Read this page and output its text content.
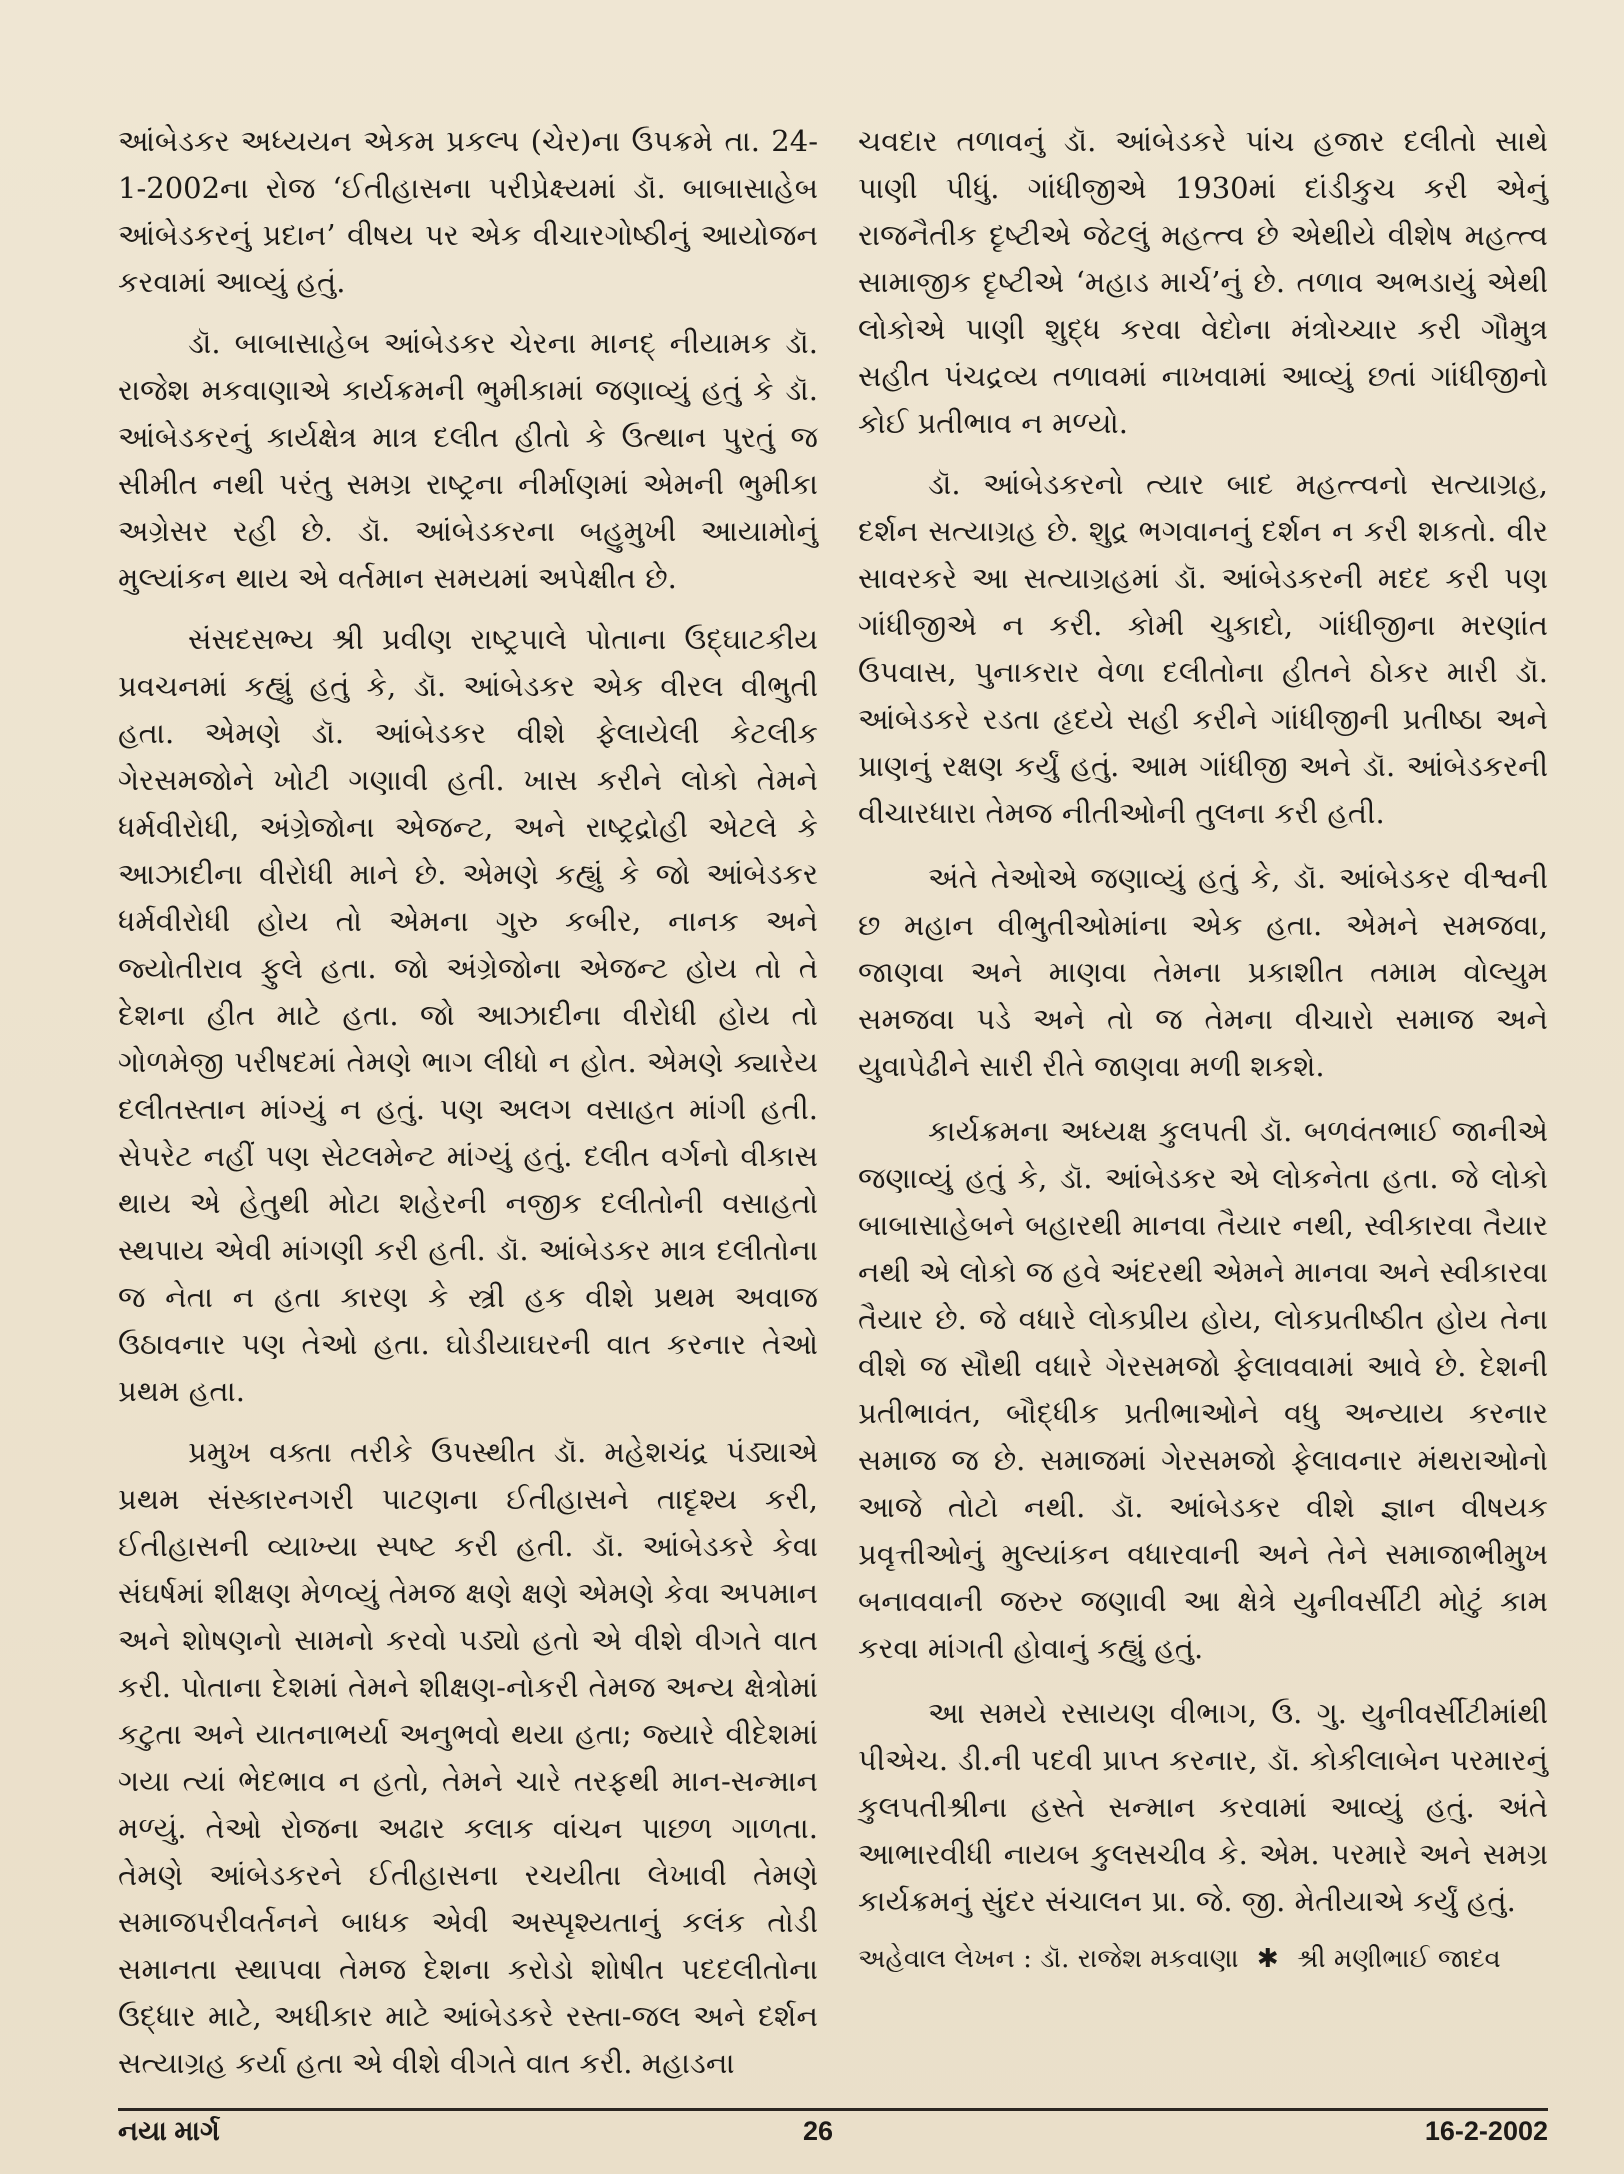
આંબેડકર અધ્યયન એકમ પ્રકલ્પ (ચેર)ના ઉપક્રમે તા. 24-1-2002ના રોજ ‘ઈતીહાસના પરીપ્રેક્ષ્યમાં ડૉ. બાબાસાહેબ આંબેડકરનું પ્રદાન’ વીષય પર એક વીચારગોષ્ઠીનું આયોજન કરવામાં આવ્યું હતું.

ડૉ. બાબાસાહેબ આંબેડકર ચેરના માનદ્ નીયામક ડૉ. રાજેશ મકવાણાએ કાર્યક્રમની ભુમીકામાં જણાવ્યું હતું કે ડૉ. આંબેડકરનું કાર્યક્ષેત્ર માત્ર દલીત હીતો કે ઉત્થાન પુરતું જ સીમીત નથી પરંતુ સમગ્ર રાષ્ટ્રના નીર્માણમાં એમની ભુમીકા અગ્રેસર રહી છે. ડૉ. આંબેડકરના બહુમુખી આયામોનું મુલ્યાંકન થાય એ વર્તમાન સમયમાં અપેક્ષીત છે.

સંસદસભ્ય શ્રી પ્રવીણ રાષ્ટ્રપાલે પોતાના ઉદ્ઘાટકીય પ્રવચનમાં કહ્યું હતું કે, ડૉ. આંબેડકર એક વીરલ વીભુતી હતા. એમણે ડૉ. આંબેડકર વીશે ફેલાયેલી કેટલીક ગેરસમજોને ખોટી ગણાવી હતી. ખાસ કરીને લોકો તેમને ધર્મવીરોધી, અંગ્રેજોના એજન્ટ, અને રાષ્ટ્રદ્રોહી એટલે કે આઝાદીના વીરોધી માને છે. એમણે કહ્યું કે જો આંબેડકર ધર્મવીરોધી હોય તો એમના ગુરુ કબીર, નાનક અને જ્યોતીરાવ ફુલે હતા. જો અંગ્રેજોના એજન્ટ હોય તો તે દેશના હીત માટે હતા. જો આઝાદીના વીરોધી હોય તો ગોળમેજી પરીષદમાં તેમણે ભાગ લીધો ન હોત. એમણે ક્યારેય દલીતસ્તાન માંગ્યું ન હતું. પણ અલગ વસાહત માંગી હતી. સેપરેટ નહીં પણ સેટલમેન્ટ માંગ્યું હતું. દલીત વર્ગનો વીકાસ થાય એ હેતુથી મોટા શહેરની નજીક દલીતોની વસાહતો સ્થપાય એવી માંગણી કરી હતી. ડૉ. આંબેડકર માત્ર દલીતોના જ નેતા ન હતા કારણ કે સ્ત્રી હક વીશે પ્રથમ અવાજ ઉઠાવનાર પણ તેઓ હતા. ઘોડીયાઘરની વાત કરનાર તેઓ પ્રથમ હતા.

પ્રમુખ વક્તા તરીકે ઉપસ્થીત ડૉ. મહેશચંદ્ર પંડ્યાએ પ્રથમ સંસ્કારનગરી પાટણના ઈતીહાસને તાદૃશ્ય કરી, ઈતીહાસની વ્યાખ્યા સ્પષ્ટ કરી હતી. ડૉ. આંબેડકરે કેવા સંઘર્ષમાં શીક્ષણ મેળવ્યું તેમજ ક્ષણે ક્ષણે એમણે કેવા અપમાન અને શોષણનો સામનો કરવો પડ્યો હતો એ વીશે વીગતે વાત કરી. પોતાના દેશમાં તેમને શીક્ષણ-નોકરી તેમજ અન્ય ક્ષેત્રોમાં કટુતા અને યાતનાભર્યા અનુભવો થયા હતા; જ્યારે વીદેશમાં ગયા ત્યાં ભેદભાવ ન હતો, તેમને ચારે તરફથી માન-સન્માન મળ્યું. તેઓ રોજના અઢાર કલાક વાંચન પાછળ ગાળતા. તેમણે આંબેડકરને ઈતીહાસના રચયીતા લેખાવી તેમણે સમાજપરીવર્તનને બાધક એવી અસ્પૃશ્યતાનું કલંક તોડી સમાનતા સ્થાપવા તેમજ દેશના કરોડો શોષીત પદદલીતોના ઉદ્ધાર માટે, અધીકાર માટે આંબેડકરે રસ્તા-જલ અને દર્શન સત્યાગ્રહ કર્યા હતા એ વીશે વીગતે વાત કરી. મહાડના

ચવદાર તળાવનું ડૉ. આંબેડકરે પાંચ હજાર દલીતો સાથે પાણી પીધું. ગાંધીજીએ 1930માં દાંડીકુચ કરી એનું રાજનૈતીક દૃષ્ટીએ જેટલું મહત્ત્વ છે એથીયે વીશેષ મહત્ત્વ સામાજીક દૃષ્ટીએ ‘મહાડ માર્ચ’નું છે. તળાવ અભડાયું એથી લોકોએ પાણી શુદ્ધ કરવા વેદોના મંત્રોચ્ચાર કરી ગૌમુત્ર સહીત પંચદ્રવ્ય તળાવમાં નાખવામાં આવ્યું છતાં ગાંધીજીનો કોઈ પ્રતીભાવ ન મળ્યો.

ડૉ. આંબેડકરનો ત્યાર બાદ મહત્ત્વનો સત્યાગ્રહ, દર્શન સત્યાગ્રહ છે. શુદ્ર ભગવાનનું દર્શન ન કરી શકતો. વીર સાવરકરે આ સત્યાગ્રહમાં ડૉ. આંબેડકરની મદદ કરી પણ ગાંધીજીએ ન કરી. કોમી ચુકાદો, ગાંધીજીના મરણાંત ઉપવાસ, પુનાકરાર વેળા દલીતોના હીતને ઠોકર મારી ડૉ. આંબેડકરે રડતા હૃદયે સહી કરીને ગાંધીજીની પ્રતીષ્ઠા અને પ્રાણનું રક્ષણ કર્યું હતું. આમ ગાંધીજી અને ડૉ. આંબેડકરની વીચારધારા તેમજ નીતીઓની તુલના કરી હતી.

અંતે તેઓએ જણાવ્યું હતું કે, ડૉ. આંબેડકર વીશ્વની છ મહાન વીભુતીઓમાંના એક હતા. એમને સમજવા, જાણવા અને માણવા તેમના પ્રકાશીત તમામ વોલ્યુમ સમજવા પડે અને તો જ તેમના વીચારો સમાજ અને યુવાપેઢીને સારી રીતે જાણવા મળી શકશે.

કાર્યક્રમના અધ્યક્ષ કુલપતી ડૉ. બળવંતભાઈ જાનીએ જણાવ્યું હતું કે, ડૉ. આંબેડકર એ લોકનેતા હતા. જે લોકો બાબાસાહેબને બહારથી માનવા તૈયાર નથી, સ્વીકારવા તૈયાર નથી એ લોકો જ હવે અંદરથી એમને માનવા અને સ્વીકારવા તૈયાર છે. જે વધારે લોકપ્રીય હોય, લોકપ્રતીષ્ઠીત હોય તેના વીશે જ સૌથી વધારે ગેરસમજો ફેલાવવામાં આવે છે. દેશની પ્રતીભાવંત, બૌદ્ધીક પ્રતીભાઓને વધુ અન્યાય કરનાર સમાજ જ છે. સમાજમાં ગેરસમજો ફેલાવનાર મંથરાઓનો આજે તોટો નથી. ડૉ. આંબેડકર વીશે જ્ઞાન વીષયક પ્રવૃત્તીઓનું મુલ્યાંકન વધારવાની અને તેને સમાજાભીમુખ બનાવવાની જરુર જણાવી આ ક્ષેત્રે યુનીવર્સીટી મોટું કામ કરવા માંગતી હોવાનું કહ્યું હતું.

આ સમયે રસાયણ વીભાગ, ઉ. ગુ. યુનીવર્સીટીમાંથી પીએચ. ડી.ની પદવી પ્રાપ્ત કરનાર, ડૉ. કોકીલાબેન પરમારનું કુલપતીશ્રીના હસ્તે સન્માન કરવામાં આવ્યું હતું. અંતે આભારવીધી નાયબ કુલસચીવ કે. એમ. પરમારે અને સમગ્ર કાર્યક્રમનું સુંદર સંચાલન પ્રા. જે. જી. મેતીયાએ કર્યું હતું.

અહેવાલ લેખન : ડૉ. રાજેશ મકવાણા ✱ શ્રી મણીભાઈ જાદવ
નયા માર્ગ	26	16-2-2002
